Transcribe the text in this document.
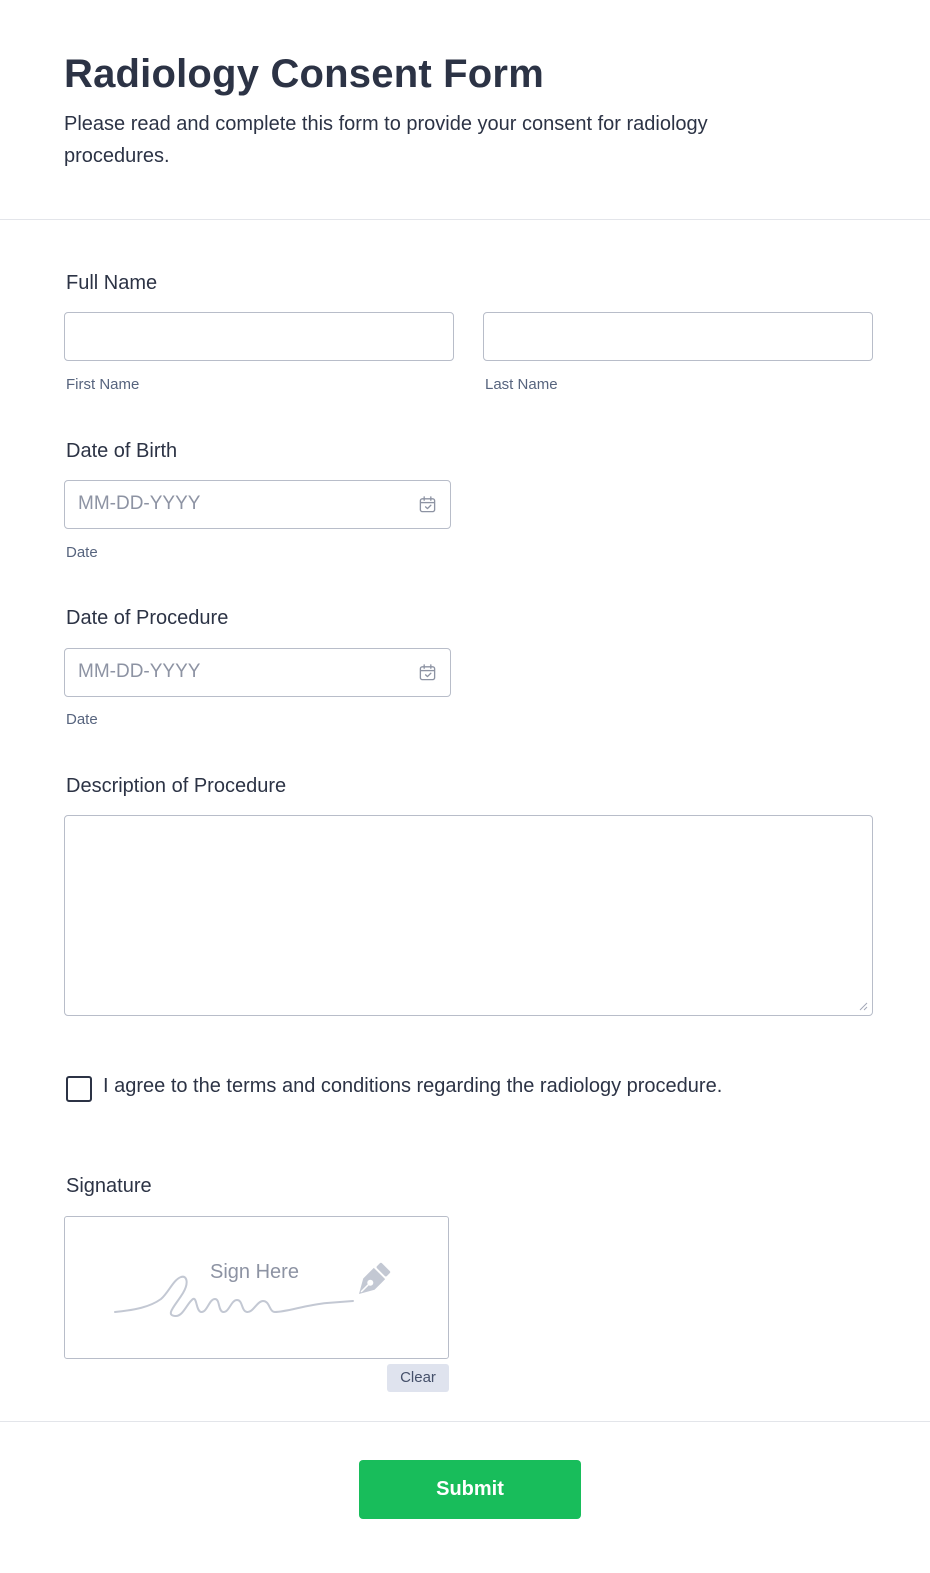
Radiology Consent Form
Please read and complete this form to provide your consent for radiology procedures.
Full Name
First Name	Last Name
Date of Birth
MM-DD-YYYY
Date
Date of Procedure
MM-DD-YYYY
Date
Description of Procedure
I agree to the terms and conditions regarding the radiology procedure.
Signature
Sign Here
Clear
Submit
